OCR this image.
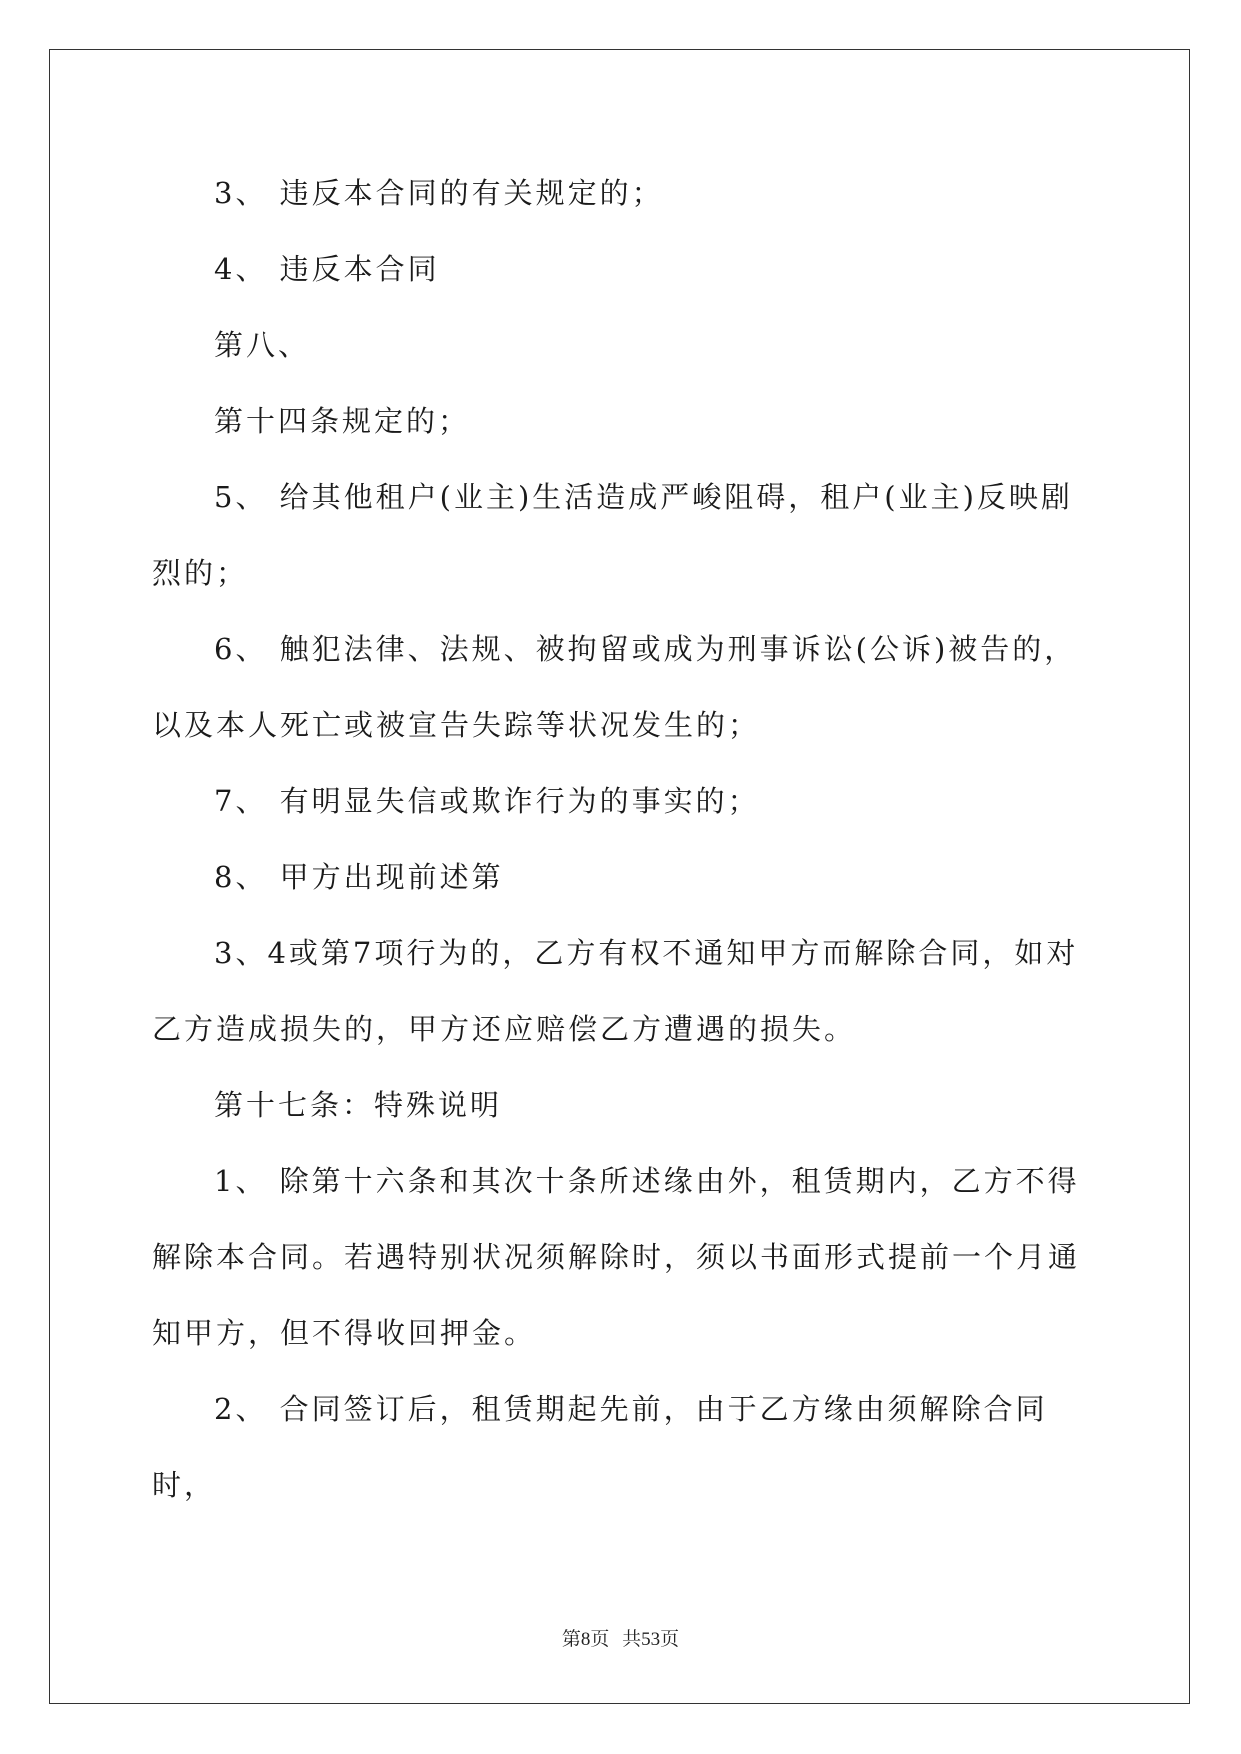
3、 违反本合同的有关规定的；

4、 违反本合同

第八、

第十四条规定的；

5、 给其他租户(业主)生活造成严峻阻碍，租户(业主)反映剧烈的；

6、 触犯法律、法规、被拘留或成为刑事诉讼(公诉)被告的，以及本人死亡或被宣告失踪等状况发生的；

7、 有明显失信或欺诈行为的事实的；

8、 甲方出现前述第

3、4或第7项行为的，乙方有权不通知甲方而解除合同，如对乙方造成损失的，甲方还应赔偿乙方遭遇的损失。

第十七条：特殊说明

1、 除第十六条和其次十条所述缘由外，租赁期内，乙方不得解除本合同。若遇特别状况须解除时，须以书面形式提前一个月通知甲方，但不得收回押金。

2、 合同签订后，租赁期起先前，由于乙方缘由须解除合同时，

第8页 共53页
